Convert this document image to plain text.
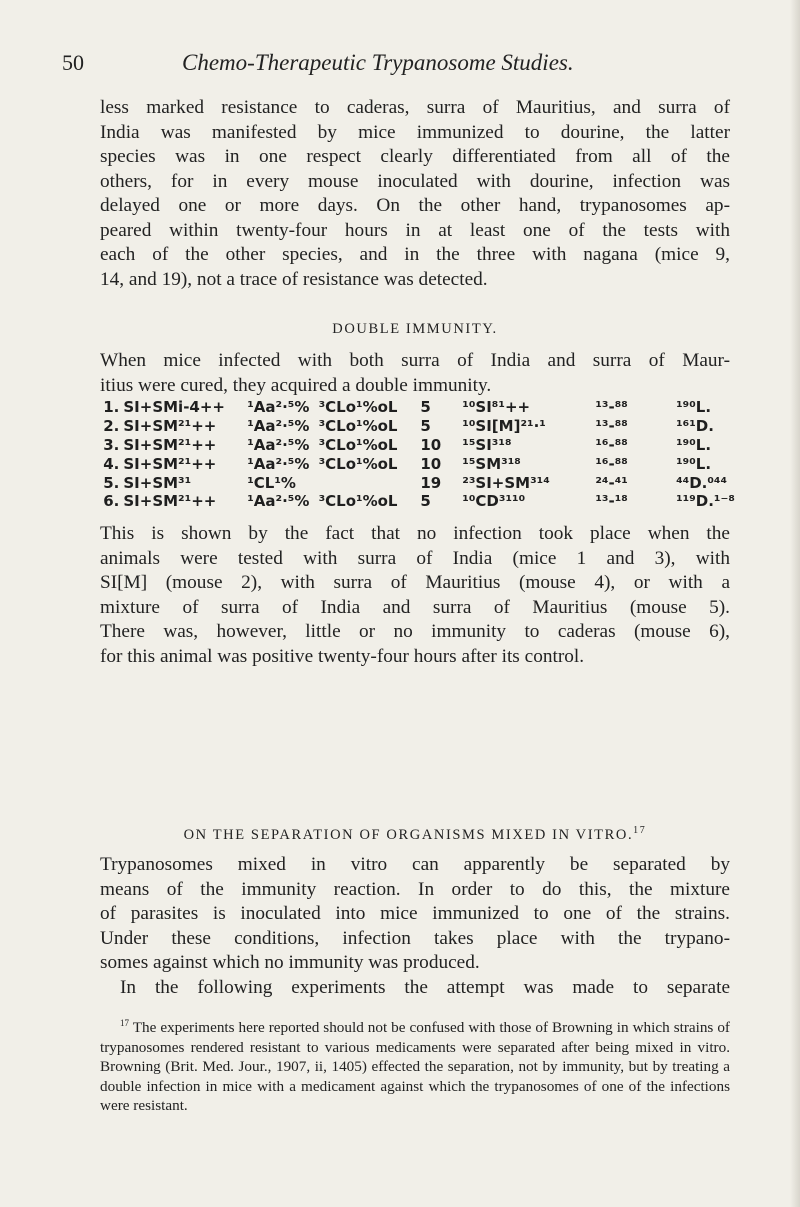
50	Chemo-Therapeutic Trypanosome Studies.
less marked resistance to caderas, surra of Mauritius, and surra of
India was manifested by mice immunized to dourine, the latter
species was in one respect clearly differentiated from all of the
others, for in every mouse inoculated with dourine, infection was
delayed one or more days. On the other hand, trypanosomes ap-
peared within twenty-four hours in at least one of the tests with
each of the other species, and in the three with nagana (mice 9,
14, and 19), not a trace of resistance was detected.
DOUBLE IMMUNITY.
When mice infected with both surra of India and surra of Maur-
itius were cured, they acquired a double immunity.
1.	SI+SMi-4++	¹Aa²·⁵%	³CLo¹%oL	5	¹⁰SI⁸¹++	¹³-⁸⁸	¹⁹⁰L.
2.	SI+SM²¹++	¹Aa²·⁵%	³CLo¹%oL	5	¹⁰SI[M]²¹·¹	¹³-⁸⁸	¹⁶¹D.
3.	SI+SM²¹++	¹Aa²·⁵%	³CLo¹%oL	10	¹⁵SI³¹⁸	¹⁶-⁸⁸	¹⁹⁰L.
4.	SI+SM²¹++	¹Aa²·⁵%	³CLo¹%oL	10	¹⁵SM³¹⁸	¹⁶-⁸⁸	¹⁹⁰L.
5.	SI+SM³¹	¹CL¹%		19	²³SI+SM³¹⁴	²⁴-⁴¹	⁴⁴D.⁰⁴⁴
6.	SI+SM²¹++	¹Aa²·⁵%	³CLo¹%oL	5	¹⁰CD³¹¹⁰	¹³-¹⁸	¹¹⁹D.¹⁻⁸
This is shown by the fact that no infection took place when the
animals were tested with surra of India (mice 1 and 3), with
SI[M] (mouse 2), with surra of Mauritius (mouse 4), or with a
mixture of surra of India and surra of Mauritius (mouse 5).
There was, however, little or no immunity to caderas (mouse 6),
for this animal was positive twenty-four hours after its control.
ON THE SEPARATION OF ORGANISMS MIXED IN VITRO.$^{17}$
Trypanosomes mixed in vitro can apparently be separated by
means of the immunity reaction. In order to do this, the mixture
of parasites is inoculated into mice immunized to one of the strains.
Under these conditions, infection takes place with the trypano-
somes against which no immunity was produced.
In the following experiments the attempt was made to separate
$^{17}$ The experiments here reported should not be confused with those of Browning in which strains of trypanosomes rendered resistant to various medicaments were separated after being mixed in vitro. Browning (Brit. Med. Jour., 1907, ii, 1405) effected the separation, not by immunity, but by treating a double infection in mice with a medicament against which the trypanosomes of one of the infections were resistant.
